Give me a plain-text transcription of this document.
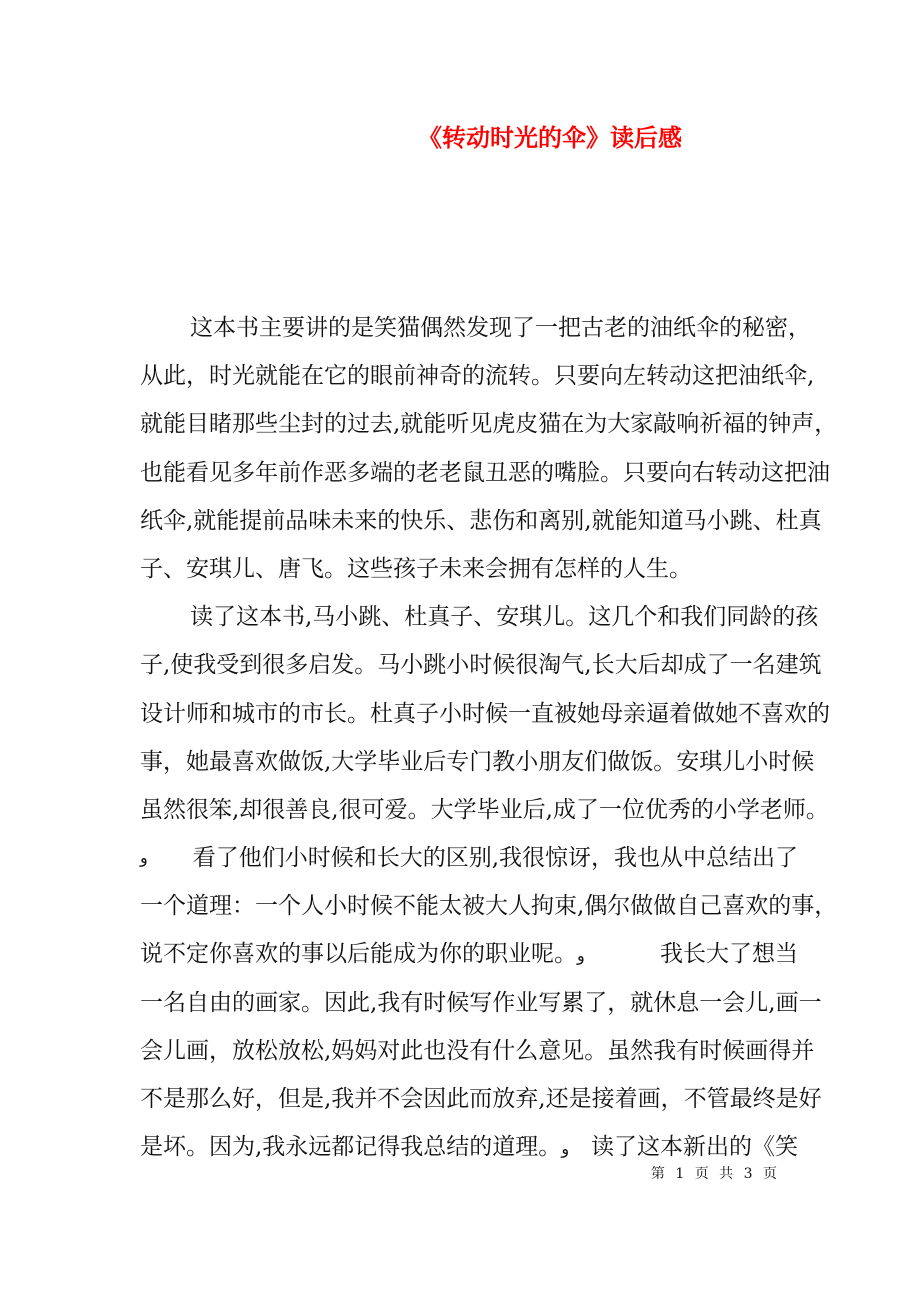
《转动时光的伞》读后感
这本书主要讲的是笑猫偶然发现了一把古老的油纸伞的秘密，
从此，时光就能在它的眼前神奇的流转。只要向左转动这把油纸伞,
就能目睹那些尘封的过去,就能听见虎皮猫在为大家敲响祈福的钟声，
也能看见多年前作恶多端的老老鼠丑恶的嘴脸。只要向右转动这把油
纸伞,就能提前品味未来的快乐、悲伤和离别,就能知道马小跳、杜真
子、安琪儿、唐飞。这些孩子未来会拥有怎样的人生。
读了这本书,马小跳、杜真子、安琪儿。这几个和我们同龄的孩
子,使我受到很多启发。马小跳小时候很淘气,长大后却成了一名建筑
设计师和城市的市长。杜真子小时候一直被她母亲逼着做她不喜欢的
事，她最喜欢做饭,大学毕业后专门教小朋友们做饭。安琪儿小时候
虽然很笨,却很善良,很可爱。大学毕业后,成了一位优秀的小学老师。
و 看了他们小时候和长大的区别,我很惊讶，我也从中总结出了
一个道理：一个人小时候不能太被大人拘束,偶尔做做自己喜欢的事，
说不定你喜欢的事以后能成为你的职业呢。و	我长大了想当
一名自由的画家。因此,我有时候写作业写累了，就休息一会儿,画一
会儿画，放松放松,妈妈对此也没有什么意见。虽然我有时候画得并
不是那么好，但是,我并不会因此而放弃,还是接着画，不管最终是好
是坏。因为,我永远都记得我总结的道理。و 读了这本新出的《笑
第 1 页 共 3 页
